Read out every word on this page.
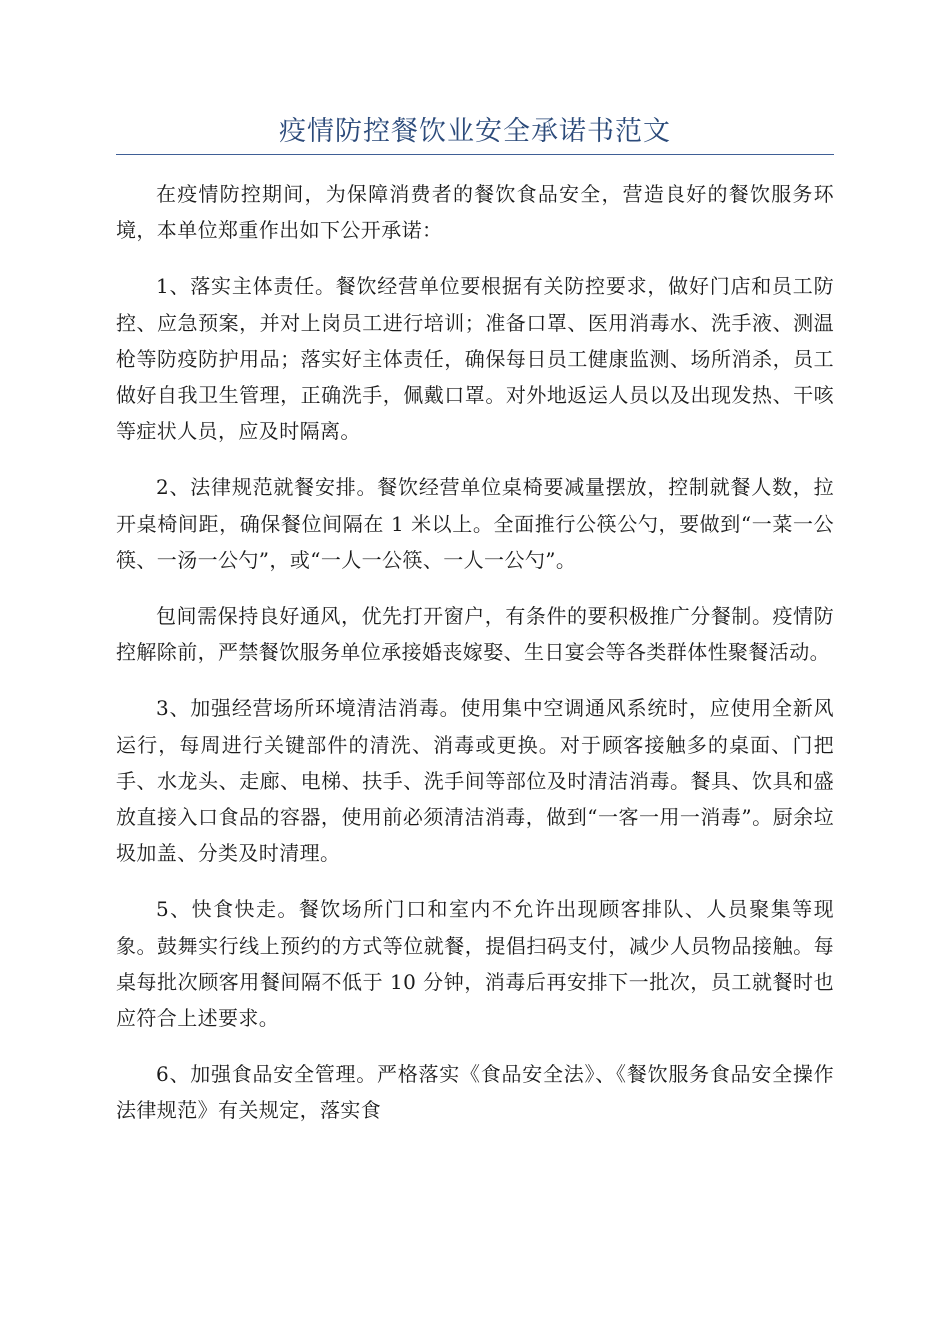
疫情防控餐饮业安全承诺书范文

在疫情防控期间，为保障消费者的餐饮食品安全，营造良好的餐饮服务环境，本单位郑重作出如下公开承诺：

1、落实主体责任。餐饮经营单位要根据有关防控要求，做好门店和员工防控、应急预案，并对上岗员工进行培训；准备口罩、医用消毒水、洗手液、测温枪等防疫防护用品；落实好主体责任，确保每日员工健康监测、场所消杀，员工做好自我卫生管理，正确洗手，佩戴口罩。对外地返运人员以及出现发热、干咳等症状人员，应及时隔离。

2、法律规范就餐安排。餐饮经营单位桌椅要减量摆放，控制就餐人数，拉开桌椅间距，确保餐位间隔在 1 米以上。全面推行公筷公勺，要做到“一菜一公筷、一汤一公勺”，或“一人一公筷、一人一公勺”。

包间需保持良好通风，优先打开窗户，有条件的要积极推广分餐制。疫情防控解除前，严禁餐饮服务单位承接婚丧嫁娶、生日宴会等各类群体性聚餐活动。

3、加强经营场所环境清洁消毒。使用集中空调通风系统时，应使用全新风运行，每周进行关键部件的清洗、消毒或更换。对于顾客接触多的桌面、门把手、水龙头、走廊、电梯、扶手、洗手间等部位及时清洁消毒。餐具、饮具和盛放直接入口食品的容器，使用前必须清洁消毒，做到“一客一用一消毒”。厨余垃圾加盖、分类及时清理。

5、快食快走。餐饮场所门口和室内不允许出现顾客排队、人员聚集等现象。鼓舞实行线上预约的方式等位就餐，提倡扫码支付，减少人员物品接触。每桌每批次顾客用餐间隔不低于 10 分钟，消毒后再安排下一批次，员工就餐时也应符合上述要求。

6、加强食品安全管理。严格落实《食品安全法》、《餐饮服务食品安全操作法律规范》有关规定，落实食
